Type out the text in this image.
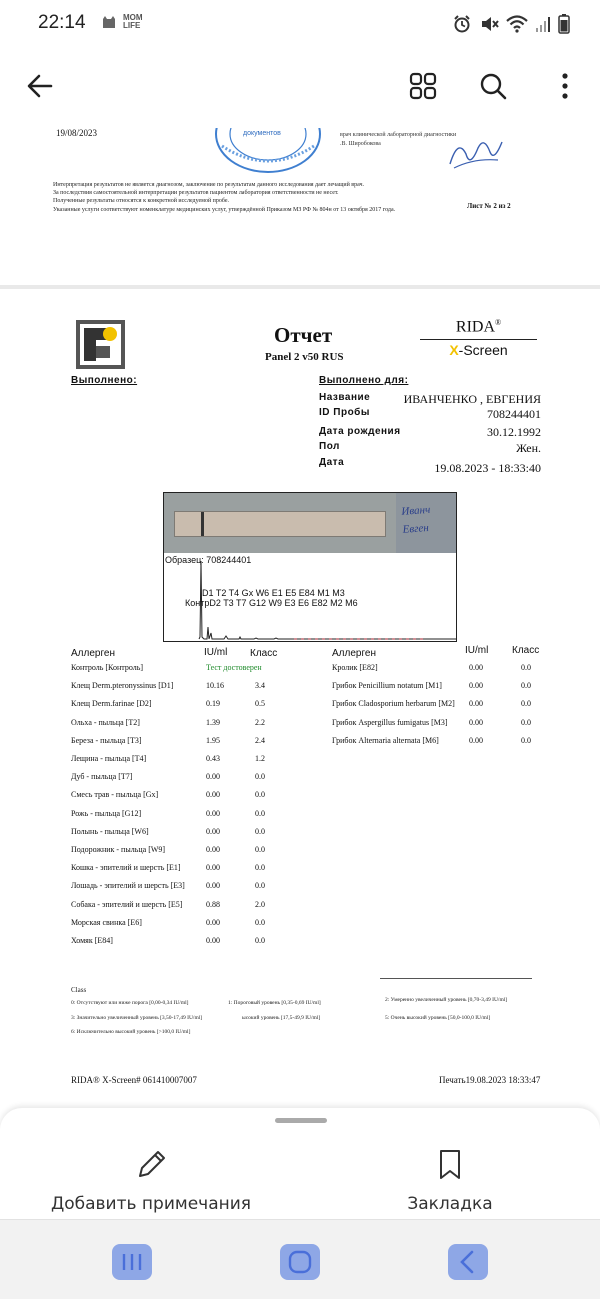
22:14	MOM
LIFE
19/08/2023	документов	врач клинической лабораторной диагностики
.В. Широбокова
Интерпретация результатов не является диагнозом, заключение по результатам данного исследования дает лечащий врач.
За последствия самостоятельной интерпретации результатов пациентом лаборатория ответственности не несет.
Полученные результаты относятся к конкретной исследуемой пробе.
Указанные услуги соответствуют номенклатуре медицинских услуг, утверждённой Приказом МЗ РФ № 804н от 13 октября 2017 года.	Лист № 2 из 2
Отчет
Panel 2 v50 RUS
RIDA®
X-Screen
Выполнено:	Выполнено для:
Название	ИВАНЧЕНКО , ЕВГЕНИЯ
ID Пробы	708244401
Дата рождения	30.12.1992
Пол	Жен.
Дата	19.08.2023 - 18:33:40
Иванч Евген
Образец: 708244401
D1 T2 T4 Gx W6 E1 E5 E84 M1 M3
КонтрD2 T3 T7 G12 W9 E3 E6 E82 M2 M6
Аллерген	IU/ml Класс	Аллерген	IU/ml Класс
Контроль [Контроль]	Тест достоверен
Клещ Derm.pteronyssinus [D1]	10.16	3.4
Клещ Derm.farinae [D2]	0.19	0.5
Ольха - пыльца [T2]	1.39	2.2
Береза - пыльца [T3]	1.95	2.4
Лещина - пыльца [T4]	0.43	1.2
Дуб - пыльца [T7]	0.00	0.0
Смесь трав - пыльца [Gx]	0.00	0.0
Рожь - пыльца [G12]	0.00	0.0
Полынь - пыльца [W6]	0.00	0.0
Подорожник - пыльца [W9]	0.00	0.0
Кошка - эпителий и шерсть [E1]	0.00	0.0
Лошадь - эпителий и шерсть [E3]	0.00	0.0
Собака - эпителий и шерсть [E5]	0.88	2.0
Морская свинка [E6]	0.00	0.0
Хомяк [E84]	0.00	0.0
Кролик [E82]	0.00	0.0
Грибок Penicillium notatum [M1]	0.00	0.0
Грибок Cladosporium herbarum [M2] 0.00	0.0
Грибок Aspergillus fumigatus [M3]	0.00	0.0
Грибок Alternaria alternata [M6]	0.00	0.0
Class
0: Отсутствуют или ниже порога [0,00-0,34 IU/ml]	1: Пороговый уровень [0,35-0,69 IU/ml]	2: Умеренно увеличенный уровень [0,70-3,49 IU/ml]
3: Значительно увеличенный уровень [3,50-17,49 IU/ml]	ысокий уровень [17,5-49,9 IU/ml]	5: Очень высокий уровень [50,0-100,0 IU/ml]
6: Исключительно высокий уровень [>100,0 IU/ml]
RIDA® X-Screen# 061410007007	Печать19.08.2023 18:33:47
Добавить примечания	Закладка
